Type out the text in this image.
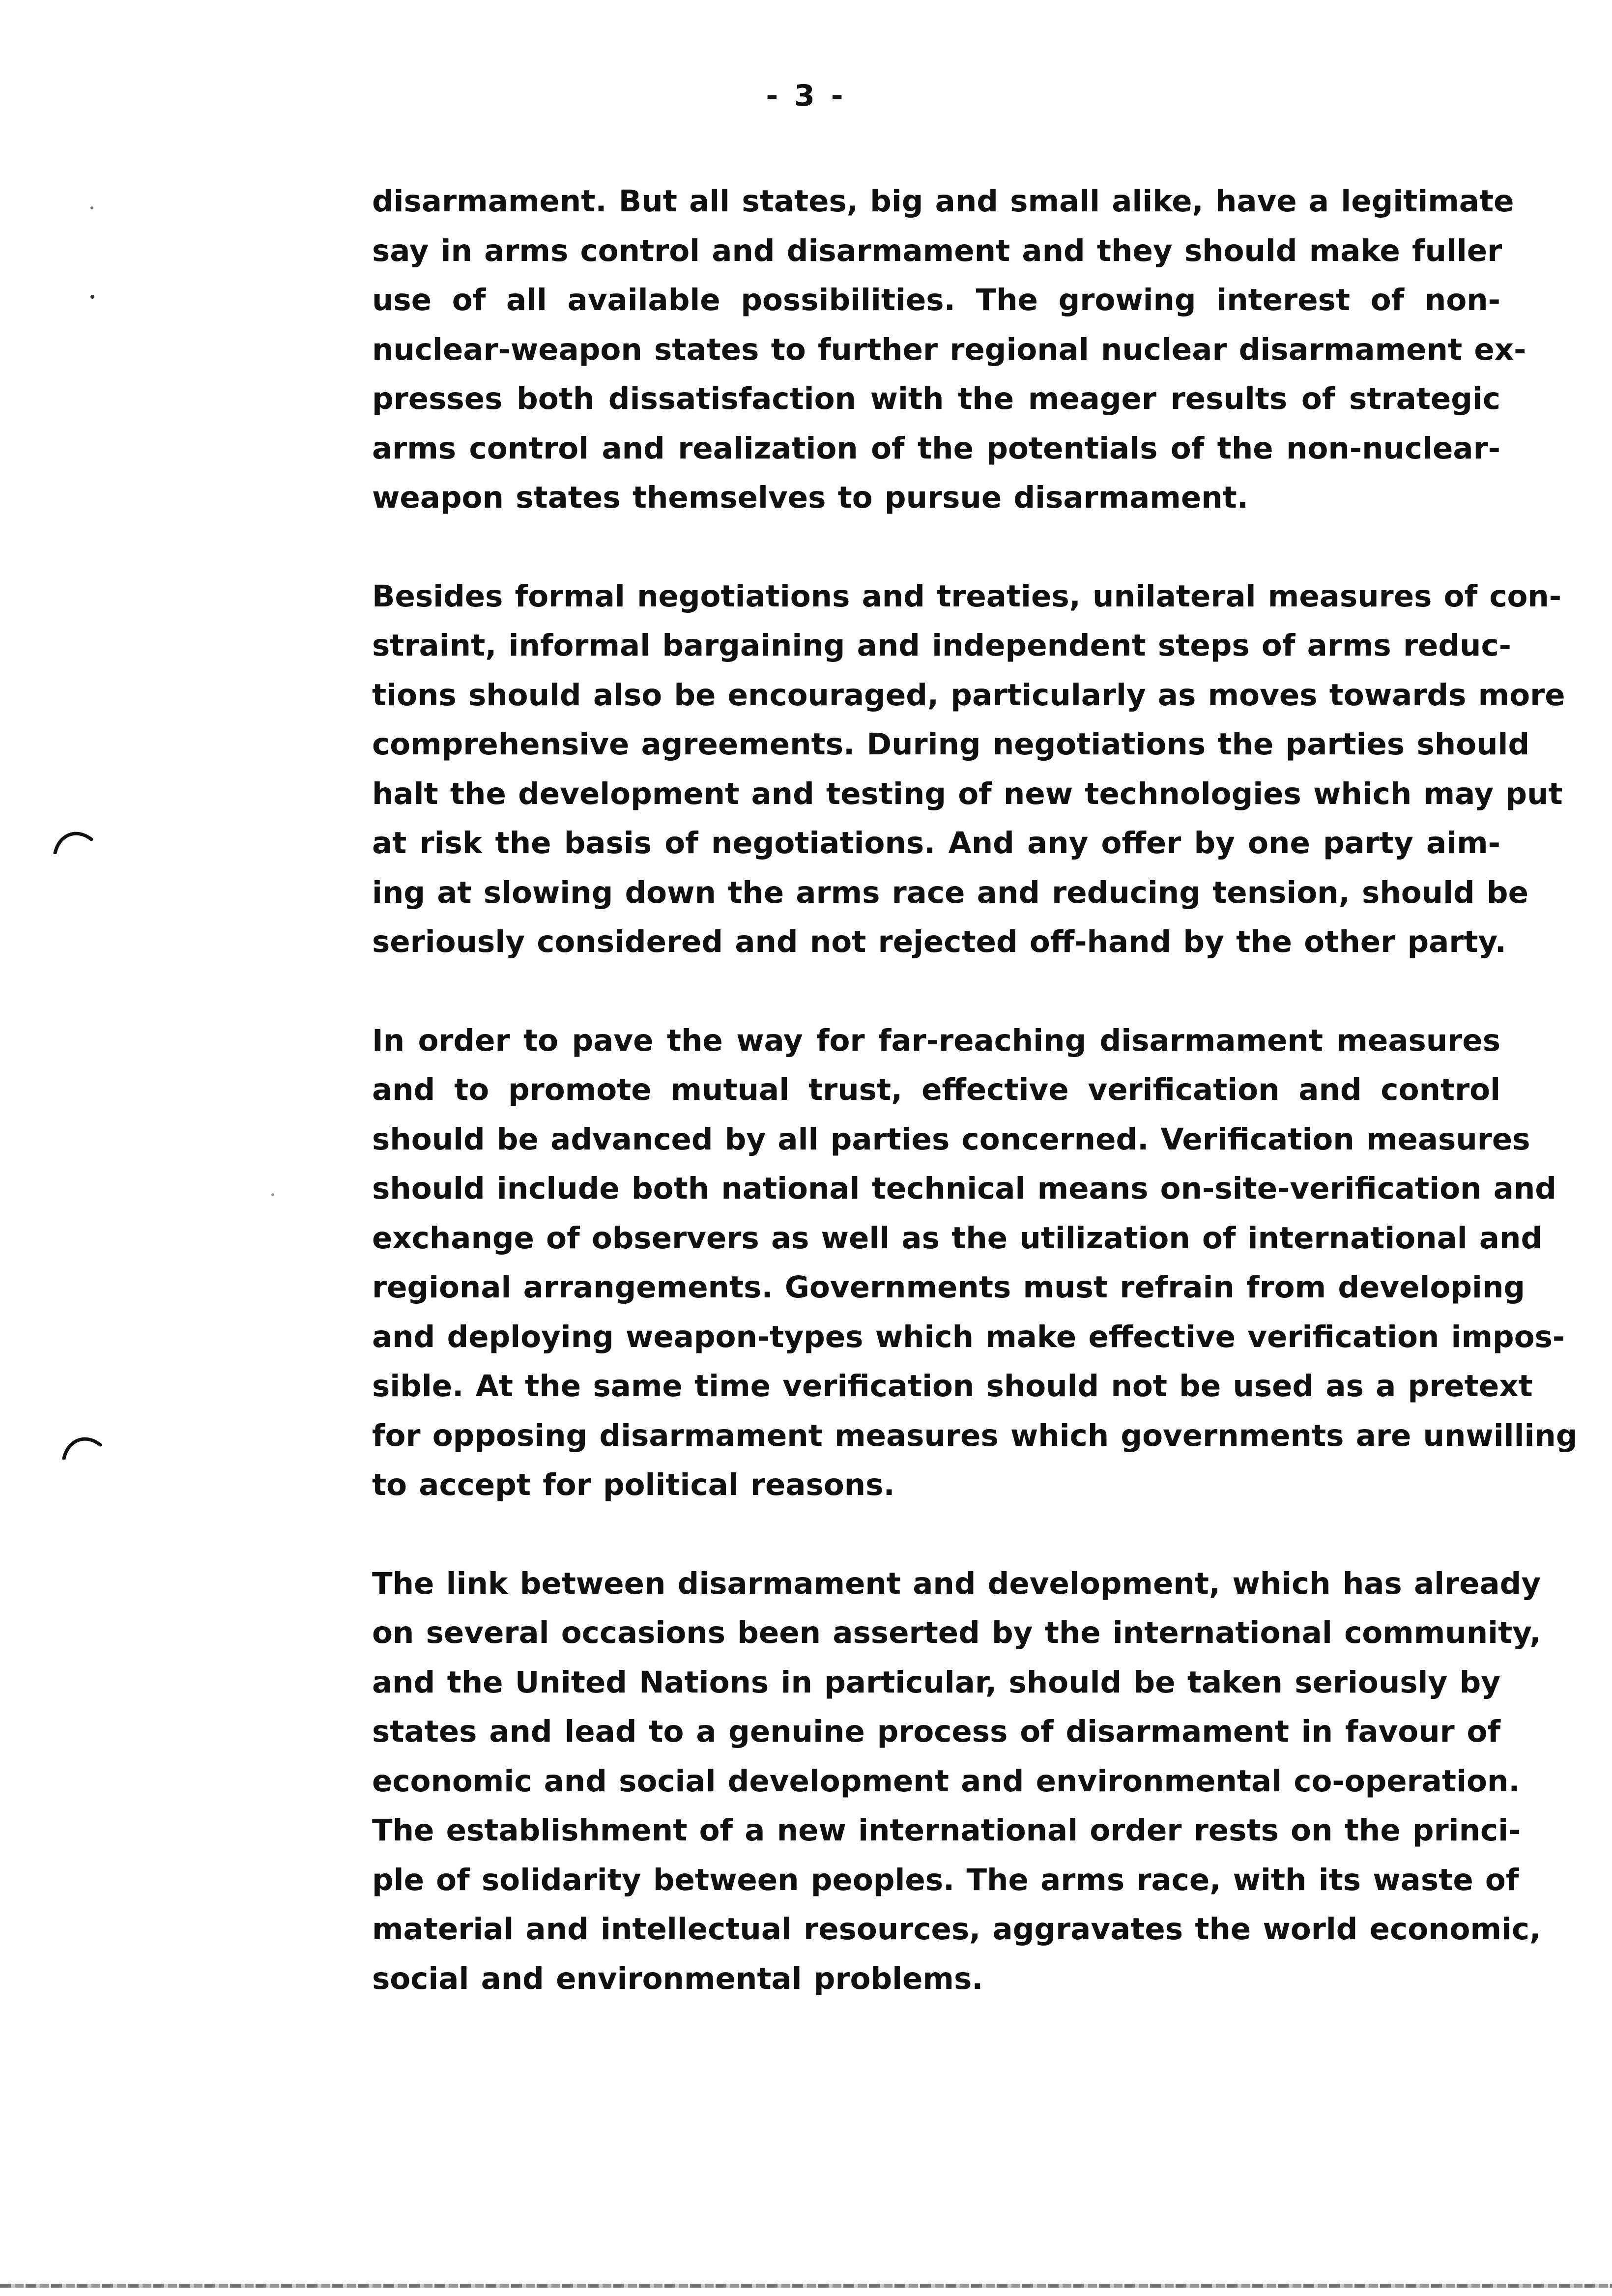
- 3 -
disarmament. But all states, big and small alike, have a legitimate
say in arms control and disarmament and they should make fuller
use of all available possibilities. The growing interest of non-
nuclear-weapon states to further regional nuclear disarmament ex-
presses both dissatisfaction with the meager results of strategic
arms control and realization of the potentials of the non-nuclear-
weapon states themselves to pursue disarmament.
Besides formal negotiations and treaties, unilateral measures of con-
straint, informal bargaining and independent steps of arms reduc-
tions should also be encouraged, particularly as moves towards more
comprehensive agreements. During negotiations the parties should
halt the development and testing of new technologies which may put
at risk the basis of negotiations. And any offer by one party aim-
ing at slowing down the arms race and reducing tension, should be
seriously considered and not rejected off-hand by the other party.
In order to pave the way for far-reaching disarmament measures
and to promote mutual trust, effective verification and control
should be advanced by all parties concerned. Verification measures
should include both national technical means on-site-verification and
exchange of observers as well as the utilization of international and
regional arrangements. Governments must refrain from developing
and deploying weapon-types which make effective verification impos-
sible. At the same time verification should not be used as a pretext
for opposing disarmament measures which governments are unwilling
to accept for political reasons.
The link between disarmament and development, which has already
on several occasions been asserted by the international community,
and the United Nations in particular, should be taken seriously by
states and lead to a genuine process of disarmament in favour of
economic and social development and environmental co-operation.
The establishment of a new international order rests on the princi-
ple of solidarity between peoples. The arms race, with its waste of
material and intellectual resources, aggravates the world economic,
social and environmental problems.
